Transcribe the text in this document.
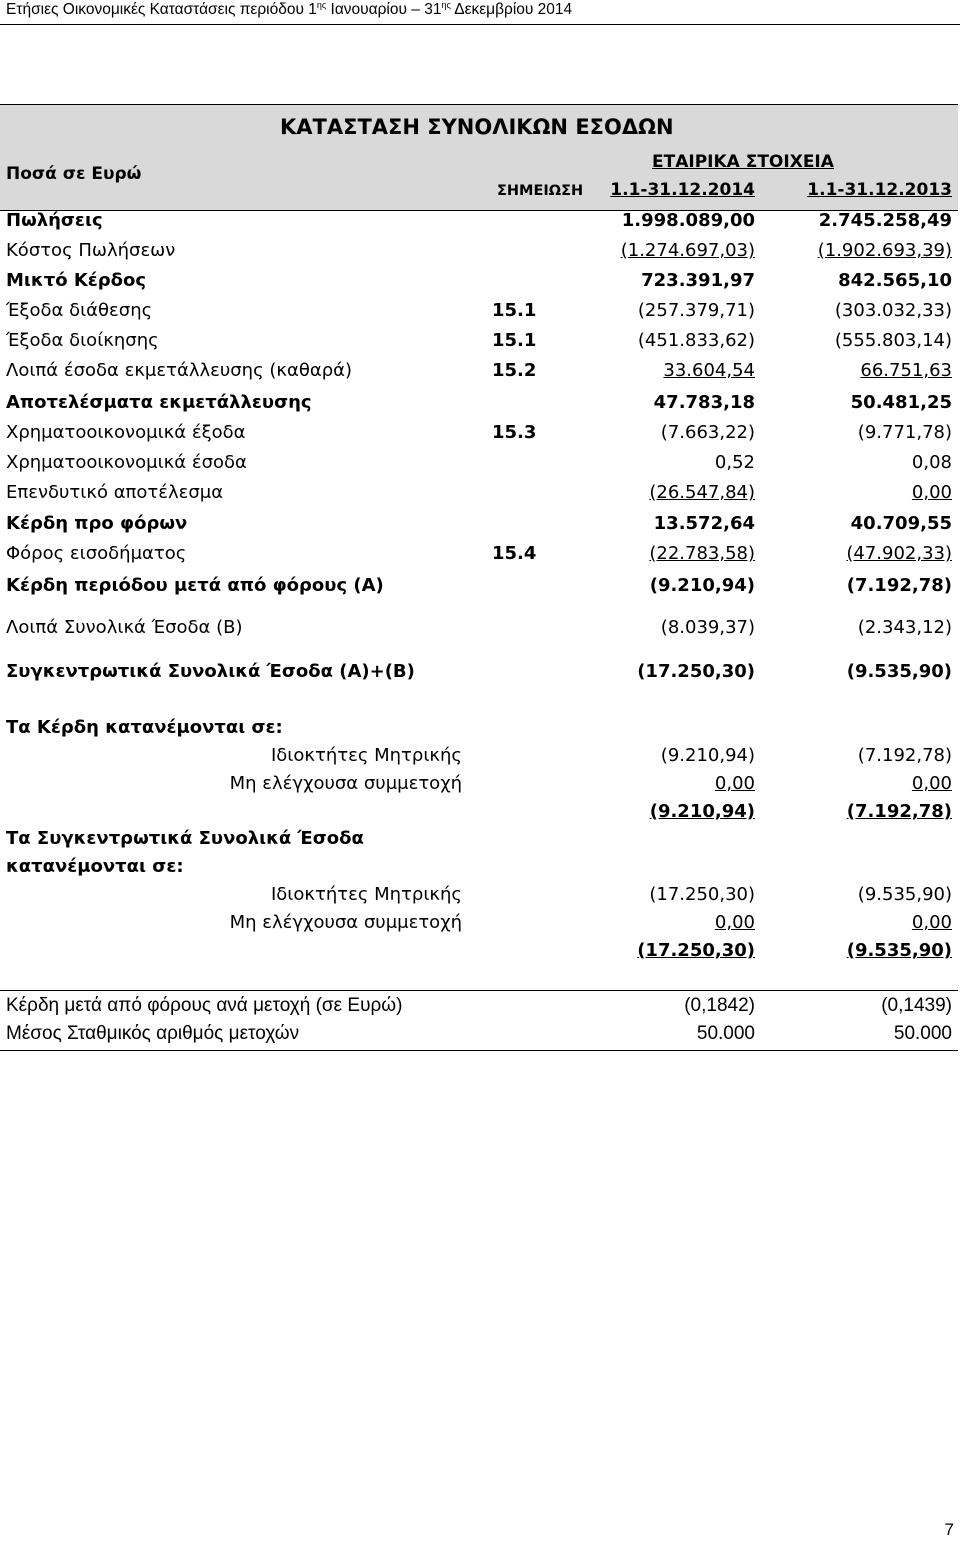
Ετήσιες Οικονομικές Καταστάσεις περιόδου $1^{\eta\varsigma}$ Ιανουαρίου – $31^{\eta\varsigma}$ Δεκεμβρίου 2014
ΚΑΤΑΣΤΑΣΗ ΣΥΝΟΛΙΚΩΝ ΕΣΟΔΩΝ
Ποσά σε Ευρώ
ΕΤΑΙΡΙΚΑ ΣΤΟΙΧΕΙΑ
ΣΗΜΕΙΩΣΗ 1.1-31.12.2014	1.1-31.12.2013
Πωλήσεις	1.998.089,00	2.745.258,49
Κόστος Πωλήσεων	(1.274.697,03)	(1.902.693,39)
Μικτό Κέρδος	723.391,97	842.565,10
Έξοδα διάθεσης	15.1	(257.379,71)	(303.032,33)
Έξοδα διοίκησης	15.1	(451.833,62)	(555.803,14)
Λοιπά έσοδα εκμετάλλευσης (καθαρά)	15.2	33.604,54	66.751,63
Αποτελέσματα εκμετάλλευσης	47.783,18	50.481,25
Χρηματοοικονομικά έξοδα	15.3	(7.663,22)	(9.771,78)
Χρηματοοικονομικά έσοδα	0,52	0,08
Επενδυτικό αποτέλεσμα	(26.547,84)	0,00
Κέρδη προ φόρων	13.572,64	40.709,55
Φόρος εισοδήματος	15.4	(22.783,58)	(47.902,33)
Κέρδη περιόδου μετά από φόρους (Α)	(9.210,94)	(7.192,78)
Λοιπά Συνολικά Έσοδα (Β)	(8.039,37)	(2.343,12)
Συγκεντρωτικά Συνολικά Έσοδα (Α)+(Β)	(17.250,30)	(9.535,90)
Τα Κέρδη κατανέμονται σε:
Ιδιοκτήτες Μητρικής	(9.210,94)	(7.192,78)
Μη ελέγχουσα συμμετοχή	0,00	0,00
(9.210,94)	(7.192,78)
Τα Συγκεντρωτικά Συνολικά Έσοδα
κατανέμονται σε:
Ιδιοκτήτες Μητρικής	(17.250,30)	(9.535,90)
Μη ελέγχουσα συμμετοχή	0,00	0,00
(17.250,30)	(9.535,90)
Κέρδη μετά από φόρους ανά μετοχή (σε Ευρώ)	(0,1842)	(0,1439)
Μέσος Σταθμικός αριθμός μετοχών	50.000	50.000
7
